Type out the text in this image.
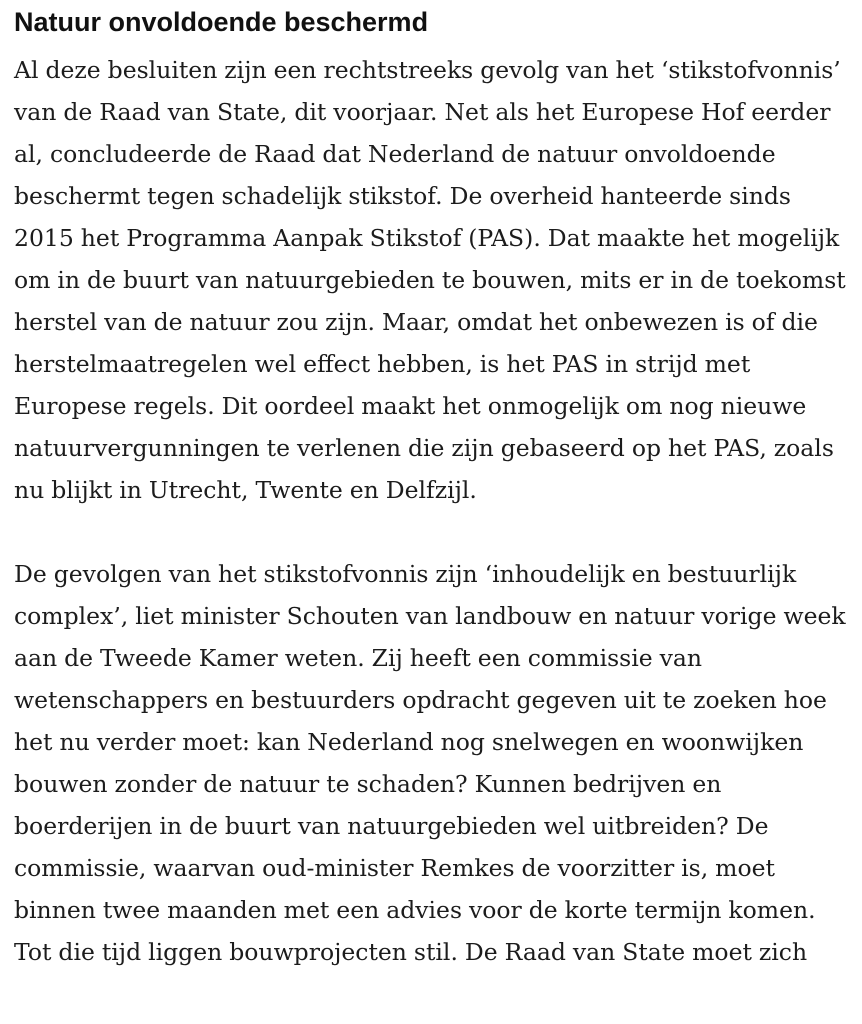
Natuur onvoldoende beschermd

Al deze besluiten zijn een rechtstreeks gevolg van het ‘stikstofvonnis’ van de Raad van State, dit voorjaar. Net als het Europese Hof eerder al, concludeerde de Raad dat Nederland de natuur onvoldoende beschermt tegen schadelijk stikstof. De overheid hanteerde sinds 2015 het Programma Aanpak Stikstof (PAS). Dat maakte het mogelijk om in de buurt van natuurgebieden te bouwen, mits er in de toekomst herstel van de natuur zou zijn. Maar, omdat het onbewezen is of die herstelmaatregelen wel effect hebben, is het PAS in strijd met Europese regels. Dit oordeel maakt het onmogelijk om nog nieuwe natuurvergunningen te verlenen die zijn gebaseerd op het PAS, zoals nu blijkt in Utrecht, Twente en Delfzijl.

De gevolgen van het stikstofvonnis zijn ‘inhoudelijk en bestuurlijk complex’, liet minister Schouten van landbouw en natuur vorige week aan de Tweede Kamer weten. Zij heeft een commissie van wetenschappers en bestuurders opdracht gegeven uit te zoeken hoe het nu verder moet: kan Nederland nog snelwegen en woonwijken bouwen zonder de natuur te schaden? Kunnen bedrijven en boerderijen in de buurt van natuurgebieden wel uitbreiden? De commissie, waarvan oud-minister Remkes de voorzitter is, moet binnen twee maanden met een advies voor de korte termijn komen. Tot die tijd liggen bouwprojecten stil. De Raad van State moet zich
